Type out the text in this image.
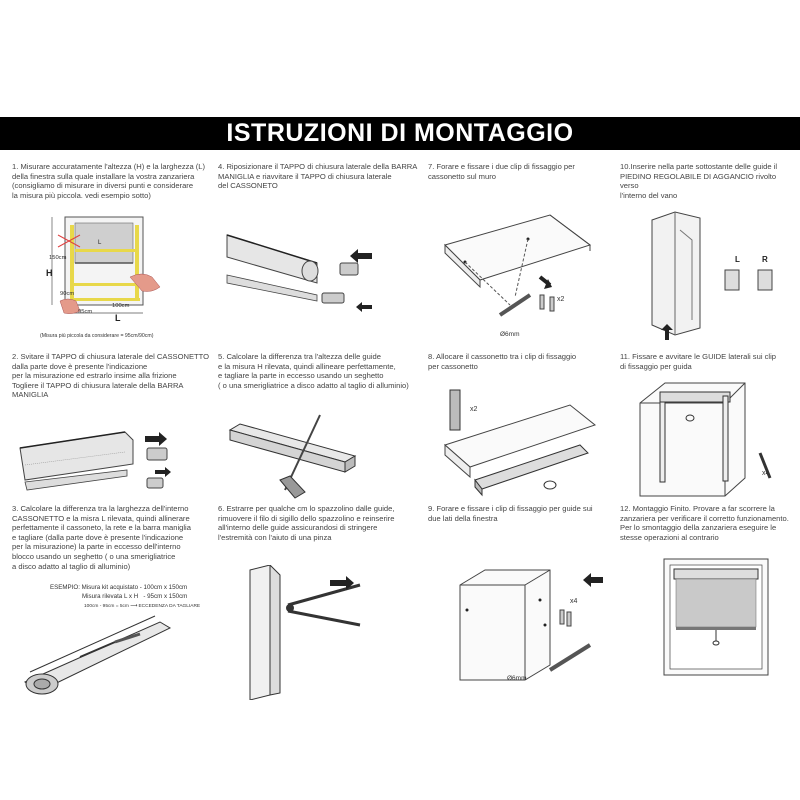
ISTRUZIONI DI MONTAGGIO
1. Misurare accuratamente l'altezza (H) e la larghezza (L)
della finestra sulla quale installare la vostra zanzariera
(consigliamo di misurare in diversi punti e considerare
la misura più piccola. vedi esempio sotto)
2. Svitare il TAPPO di chiusura laterale del CASSONETTO
dalla parte dove è presente l'indicazione
per la misurazione ed estrarlo insime alla frizione
Togliere il TAPPO di chiusura laterale della BARRA
MANIGLIA
3. Calcolare la differenza tra la larghezza dell'interno
CASSONETTO e la misra L rilevata, quindi allinerare
perfettamente il cassoneto, la rete e la barra maniglia
e tagliare (dalla parte dove è presente l'indicazione
per la misurazione) la parte in eccesso dell'interno
blocco usando un seghetto ( o una smerigliatrice
a disco adatto al taglio di alluminio)
4. Riposizionare il TAPPO di chiusura laterale della BARRA
MANIGLIA e riavvitare il TAPPO di chiusura laterale
del CASSONETO
5. Calcolare la differenza tra l'altezza delle guide
e la misura H rilevata, quindi allineare perfettamente,
e tagliare la parte in eccesso usando un seghetto
( o una smerigliatrice a disco adatto al taglio di alluminio)
6. Estrarre per qualche cm lo spazzolino dalle guide,
rimuovere il filo di sigillo dello spazzolino e reinserire
all'interno delle guide assicurandosi di stringere
l'estremità con l'aiuto di una pinza
7. Forare e fissare i due clip di fissaggio per
cassonetto sul muro
8. Allocare il cassonetto tra i clip di fissaggio
per cassonetto
9. Forare e fissare i clip di fissaggio per guide sui
due lati della finestra
10.Inserire nella parte sottostante delle guide il
PIEDINO REGOLABILE DI AGGANCIO rivolto verso
l'interno del vano
11. Fissare e avvitare le GUIDE laterali sui clip
di fissaggio per guida
12. Montaggio Finito. Provare a far scorrere la
zanzariera per verificare il corretto funzionamento.
Per lo smontaggio della zanzariera eseguire le
stesse operazioni al contrario
H
L
L
90cm
95cm
100cm
150cm
(Misura più piccola da considerare = 95cm/90cm)
ESEMPIO: Misura kit acquistato - 100cm x 150cm
Misura rilevata L x H   - 95cm x 150cm
100cm - 95cm = 5cm ⟶ ECCEDENZA DA TAGLIARE
x2
Ø6mm
x2
x4
Ø6mm
L	R
x4
